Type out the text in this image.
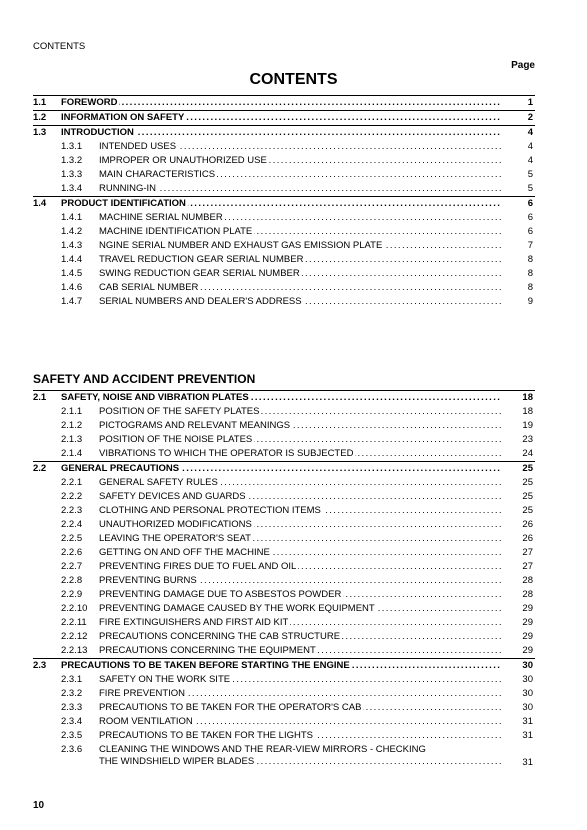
CONTENTS
Page
CONTENTS
1.1 FOREWORD .....	1
1.2 INFORMATION ON SAFETY .....	2
1.3 INTRODUCTION .....	4
1.3.1 INTENDED USES .....	4
1.3.2 IMPROPER OR UNAUTHORIZED USE .....	4
1.3.3 MAIN CHARACTERISTICS .....	5
1.3.4 RUNNING-IN .....	5
1.4 PRODUCT IDENTIFICATION .....	6
1.4.1 MACHINE SERIAL NUMBER .....	6
1.4.2 MACHINE IDENTIFICATION PLATE .....	6
1.4.3 NGINE SERIAL NUMBER AND EXHAUST GAS EMISSION PLATE .....	7
1.4.4 TRAVEL REDUCTION GEAR SERIAL NUMBER .....	8
1.4.5 SWING REDUCTION GEAR SERIAL NUMBER .....	8
1.4.6 CAB SERIAL NUMBER .....	8
1.4.7 SERIAL NUMBERS AND DEALER'S ADDRESS .....	9
SAFETY AND ACCIDENT PREVENTION
2.1 SAFETY, NOISE AND VIBRATION PLATES .....	18
2.1.1 POSITION OF THE SAFETY PLATES .....	18
2.1.2 PICTOGRAMS AND RELEVANT MEANINGS .....	19
2.1.3 POSITION OF THE NOISE PLATES .....	23
2.1.4 VIBRATIONS TO WHICH THE OPERATOR IS SUBJECTED .....	24
2.2 GENERAL PRECAUTIONS .....	25
2.2.1 GENERAL SAFETY RULES .....	25
2.2.2 SAFETY DEVICES AND GUARDS .....	25
2.2.3 CLOTHING AND PERSONAL PROTECTION ITEMS .....	25
2.2.4 UNAUTHORIZED MODIFICATIONS .....	26
2.2.5 LEAVING THE OPERATOR'S SEAT .....	26
2.2.6 GETTING ON AND OFF THE MACHINE .....	27
2.2.7 PREVENTING FIRES DUE TO FUEL AND OIL .....	27
2.2.8 PREVENTING BURNS .....	28
2.2.9 PREVENTING DAMAGE DUE TO ASBESTOS POWDER .....	28
2.2.10 PREVENTING DAMAGE CAUSED BY THE WORK EQUIPMENT .....	29
2.2.11 FIRE EXTINGUISHERS AND FIRST AID KIT .....	29
2.2.12 PRECAUTIONS CONCERNING THE CAB STRUCTURE .....	29
2.2.13 PRECAUTIONS CONCERNING THE EQUIPMENT .....	29
2.3 PRECAUTIONS TO BE TAKEN BEFORE STARTING THE ENGINE .....	30
2.3.1 SAFETY ON THE WORK SITE .....	30
2.3.2 FIRE PREVENTION .....	30
2.3.3 PRECAUTIONS TO BE TAKEN FOR THE OPERATOR'S CAB .....	30
2.3.4 ROOM VENTILATION .....	31
2.3.5 PRECAUTIONS TO BE TAKEN FOR THE LIGHTS .....	31
2.3.6 CLEANING THE WINDOWS AND THE REAR-VIEW MIRRORS - CHECKING
THE WINDSHIELD WIPER BLADES .....	31
10
